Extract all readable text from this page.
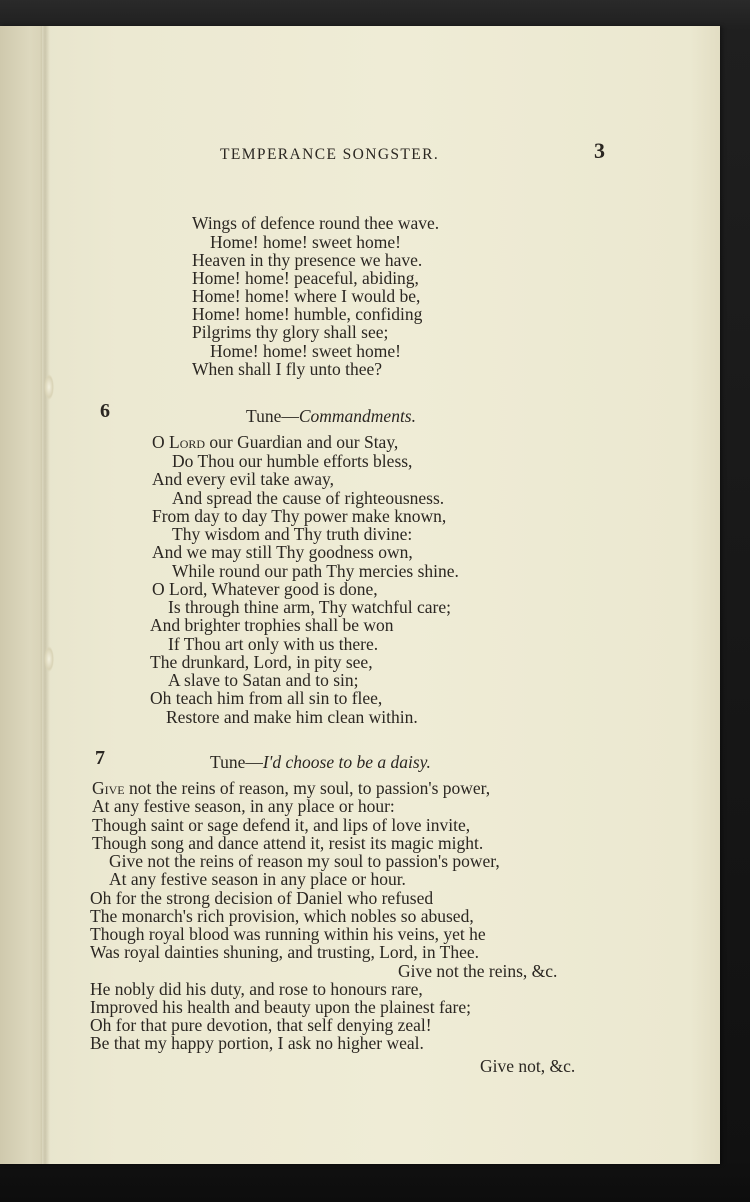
TEMPERANCE SONGSTER.	3
Wings of defence round thee wave.
Home! home! sweet home!
Heaven in thy presence we have.
Home! home! peaceful, abiding,
Home! home! where I would be,
Home! home! humble, confiding
Pilgrims thy glory shall see;
Home! home! sweet home!
When shall I fly unto thee?
6	Tune—Commandments.
O Lord our Guardian and our Stay,
Do Thou our humble efforts bless,
And every evil take away,
And spread the cause of righteousness.
From day to day Thy power make known,
Thy wisdom and Thy truth divine:
And we may still Thy goodness own,
While round our path Thy mercies shine.
O Lord, Whatever good is done,
Is through thine arm, Thy watchful care;
And brighter trophies shall be won
If Thou art only with us there.
The drunkard, Lord, in pity see,
A slave to Satan and to sin;
Oh teach him from all sin to flee,
Restore and make him clean within.
7	Tune—I'd choose to be a daisy.
Give not the reins of reason, my soul, to passion's power,
At any festive season, in any place or hour:
Though saint or sage defend it, and lips of love invite,
Though song and dance attend it, resist its magic might.
Give not the reins of reason my soul to passion's power,
At any festive season in any place or hour.
Oh for the strong decision of Daniel who refused
The monarch's rich provision, which nobles so abused,
Though royal blood was running within his veins, yet he
Was royal dainties shuning, and trusting, Lord, in Thee.
Give not the reins, &c.
He nobly did his duty, and rose to honours rare,
Improved his health and beauty upon the plainest fare;
Oh for that pure devotion, that self denying zeal!
Be that my happy portion, I ask no higher weal.
Give not, &c.
